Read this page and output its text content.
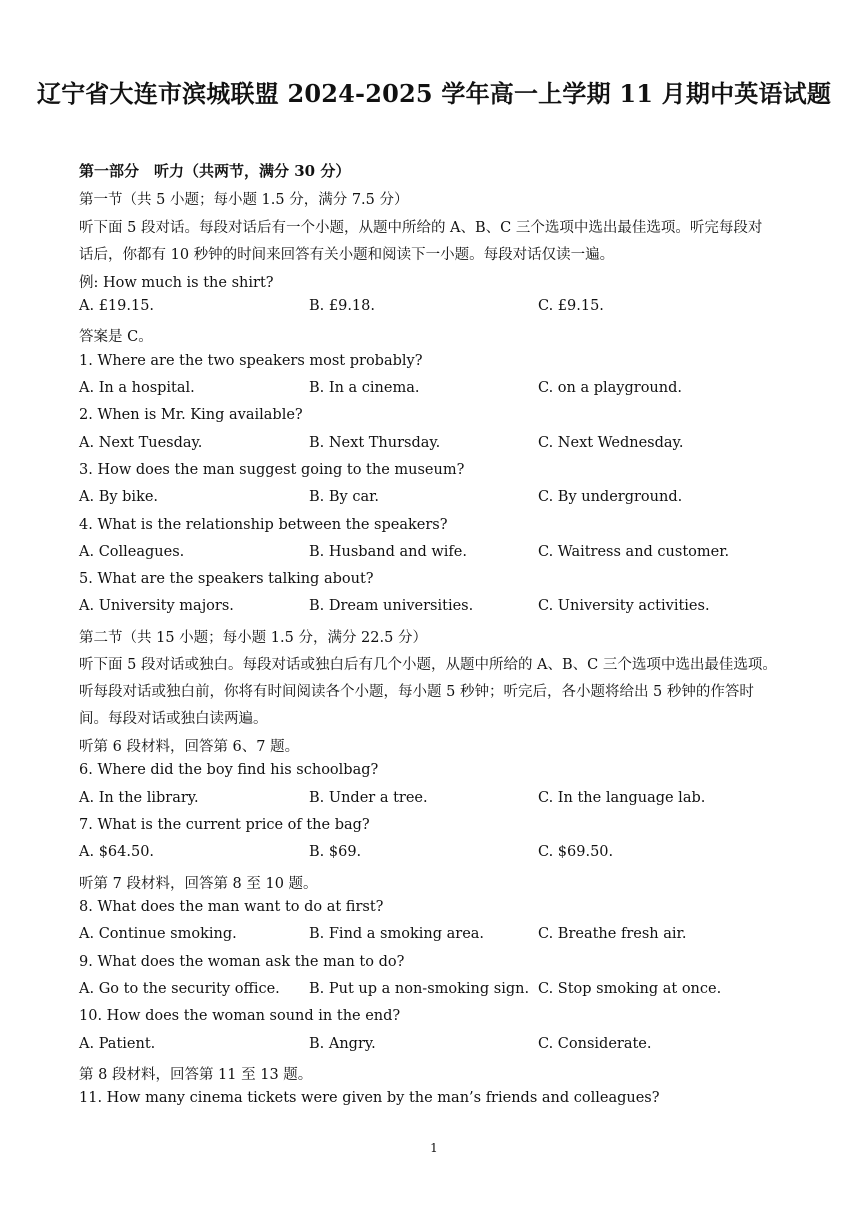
辽宁省大连市滨城联盟 2024-2025 学年高一上学期 11 月期中英语试题
第一部分　听力（共两节，满分 30 分）
第一节（共 5 小题；每小题 1.5 分，满分 7.5 分）
听下面 5 段对话。每段对话后有一个小题，从题中所给的 A、B、C 三个选项中选出最佳选项。听完每段对
话后，你都有 10 秒钟的时间来回答有关小题和阅读下一小题。每段对话仅读一遍。
例: How much is the shirt?
A. £19.15.	B. £9.18.	C. £9.15.
答案是 C。
1. Where are the two speakers most probably?
A. In a hospital.	B. In a cinema.	C. on a playground.
2. When is Mr. King available?
A. Next Tuesday.	B. Next Thursday.	C. Next Wednesday.
3. How does the man suggest going to the museum?
A. By bike.	B. By car.	C. By underground.
4. What is the relationship between the speakers?
A. Colleagues.	B. Husband and wife.	C. Waitress and customer.
5. What are the speakers talking about?
A. University majors.	B. Dream universities.	C. University activities.
第二节（共 15 小题；每小题 1.5 分，满分 22.5 分）
听下面 5 段对话或独白。每段对话或独白后有几个小题，从题中所给的 A、B、C 三个选项中选出最佳选项。
听每段对话或独白前，你将有时间阅读各个小题，每小题 5 秒钟；听完后，各小题将给出 5 秒钟的作答时
间。每段对话或独白读两遍。
听第 6 段材料，回答第 6、7 题。
6. Where did the boy find his schoolbag?
A. In the library.	B. Under a tree.	C. In the language lab.
7. What is the current price of the bag?
A. $64.50.	B. $69.	C. $69.50.
听第 7 段材料，回答第 8 至 10 题。
8. What does the man want to do at first?
A. Continue smoking.	B. Find a smoking area.	C. Breathe fresh air.
9. What does the woman ask the man to do?
A. Go to the security office. B. Put up a non-smoking sign. C. Stop smoking at once.
10. How does the woman sound in the end?
A. Patient.	B. Angry.	C. Considerate.
第 8 段材料，回答第 11 至 13 题。
11. How many cinema tickets were given by the man’s friends and colleagues?
1
